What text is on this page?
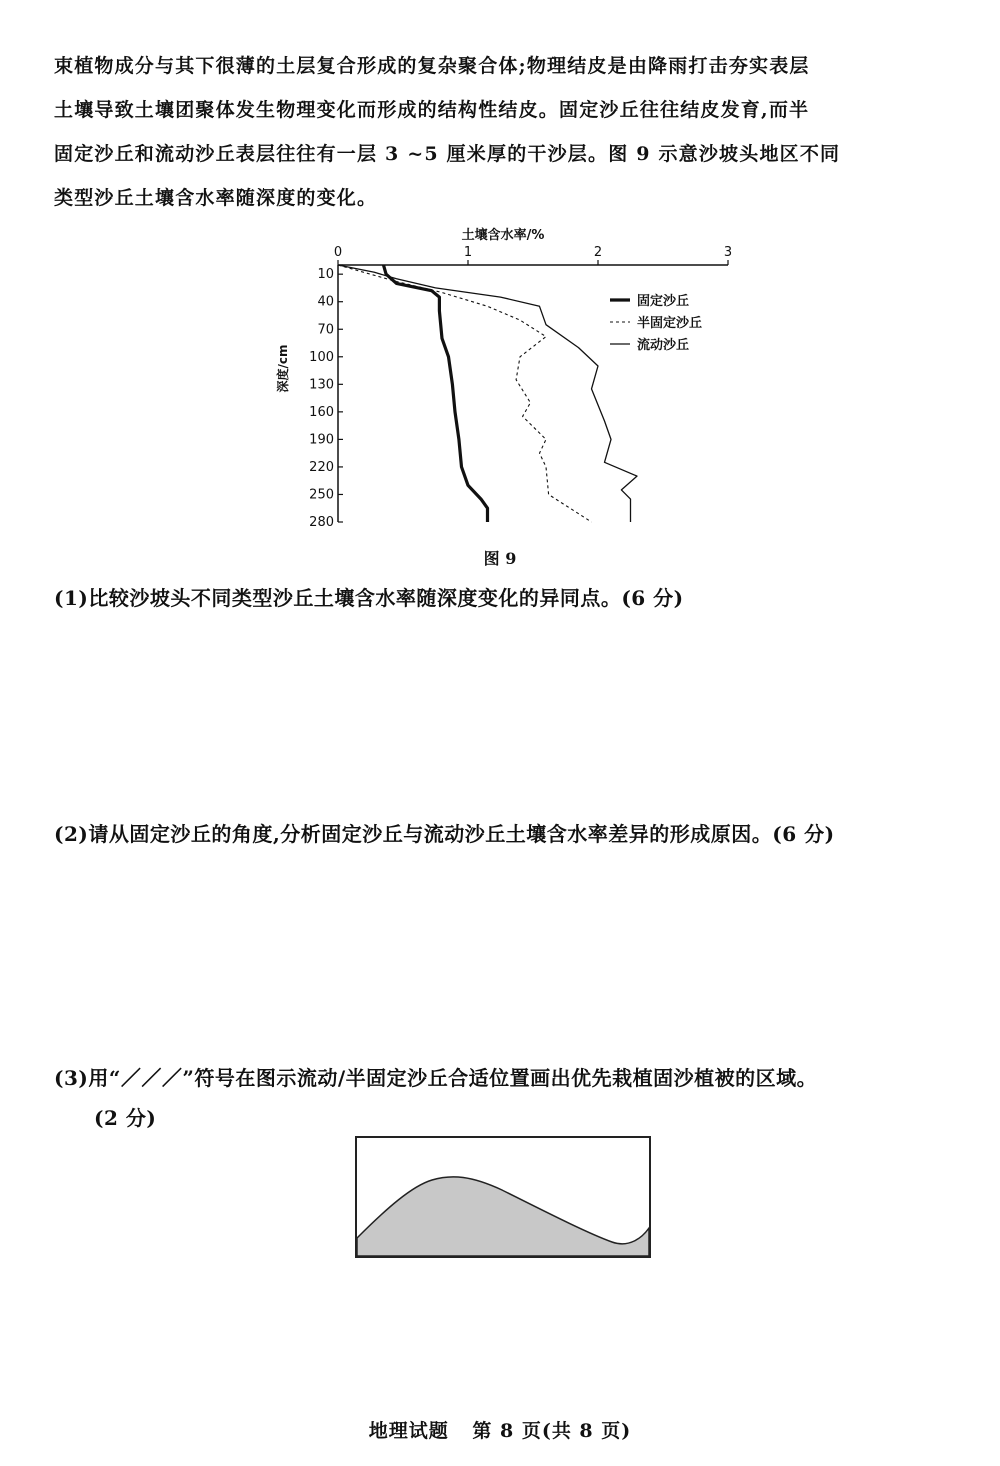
束植物成分与其下很薄的土层复合形成的复杂聚合体;物理结皮是由降雨打击夯实表层

土壤导致土壤团聚体发生物理变化而形成的结构性结皮。固定沙丘往往结皮发育,而半

固定沙丘和流动沙丘表层往往有一层 3 ~5 厘米厚的干沙层。图 9 示意沙坡头地区不同

类型沙丘土壤含水率随深度的变化。

0	1	2	3
土壤含水率/%
10
40
70
100
130
160
190
220
250
280
深度/cm
固定沙丘
半固定沙丘
流动沙丘
图 9
(1)比较沙坡头不同类型沙丘土壤含水率随深度变化的异同点。(6 分)
(2)请从固定沙丘的角度,分析固定沙丘与流动沙丘土壤含水率差异的形成原因。(6 分)
(3)用“／／／”符号在图示流动/半固定沙丘合适位置画出优先栽植固沙植被的区域。
(2 分)
地理试题 第 8 页(共 8 页)
